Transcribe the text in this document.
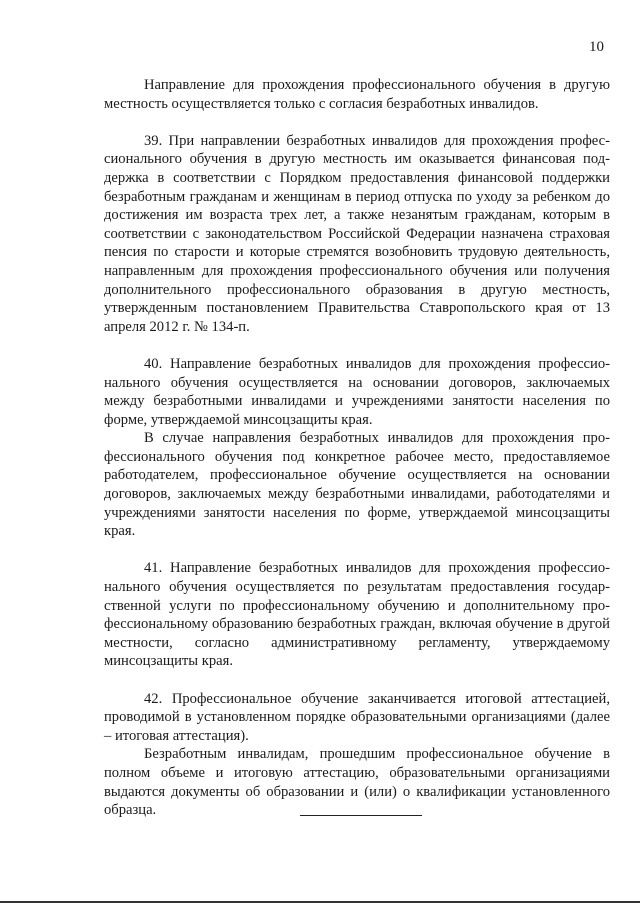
10

Направление для прохождения профессионального обучения в другую местность осуществляется только с согласия безработных инвалидов.

39. При направлении безработных инвалидов для прохождения профессионального обучения в другую местность им оказывается финансовая поддержка в соответствии с Порядком предоставления финансовой поддержки безработным гражданам и женщинам в период отпуска по уходу за ребенком до достижения им возраста трех лет, а также незанятым гражданам, которым в соответствии с законодательством Российской Федерации назначена страховая пенсия по старости и которые стремятся возобновить трудовую деятельность, направленным для прохождения профессионального обучения или получения дополнительного профессионального образования в другую местность, утвержденным постановлением Правительства Ставропольского края от 13 апреля 2012 г. № 134-п.

40. Направление безработных инвалидов для прохождения профессионального обучения осуществляется на основании договоров, заключаемых между безработными инвалидами и учреждениями занятости населения по форме, утверждаемой минсоцзащиты края.

В случае направления безработных инвалидов для прохождения профессионального обучения под конкретное рабочее место, предоставляемое работодателем, профессиональное обучение осуществляется на основании договоров, заключаемых между безработными инвалидами, работодателями и учреждениями занятости населения по форме, утверждаемой минсоцзащиты края.

41. Направление безработных инвалидов для прохождения профессионального обучения осуществляется по результатам предоставления государственной услуги по профессиональному обучению и дополнительному профессиональному образованию безработных граждан, включая обучение в другой местности, согласно административному регламенту, утверждаемому минсоцзащиты края.

42. Профессиональное обучение заканчивается итоговой аттестацией, проводимой в установленном порядке образовательными организациями (далее – итоговая аттестация).

Безработным инвалидам, прошедшим профессиональное обучение в полном объеме и итоговую аттестацию, образовательными организациями выдаются документы об образовании и (или) о квалификации установленного образца.
